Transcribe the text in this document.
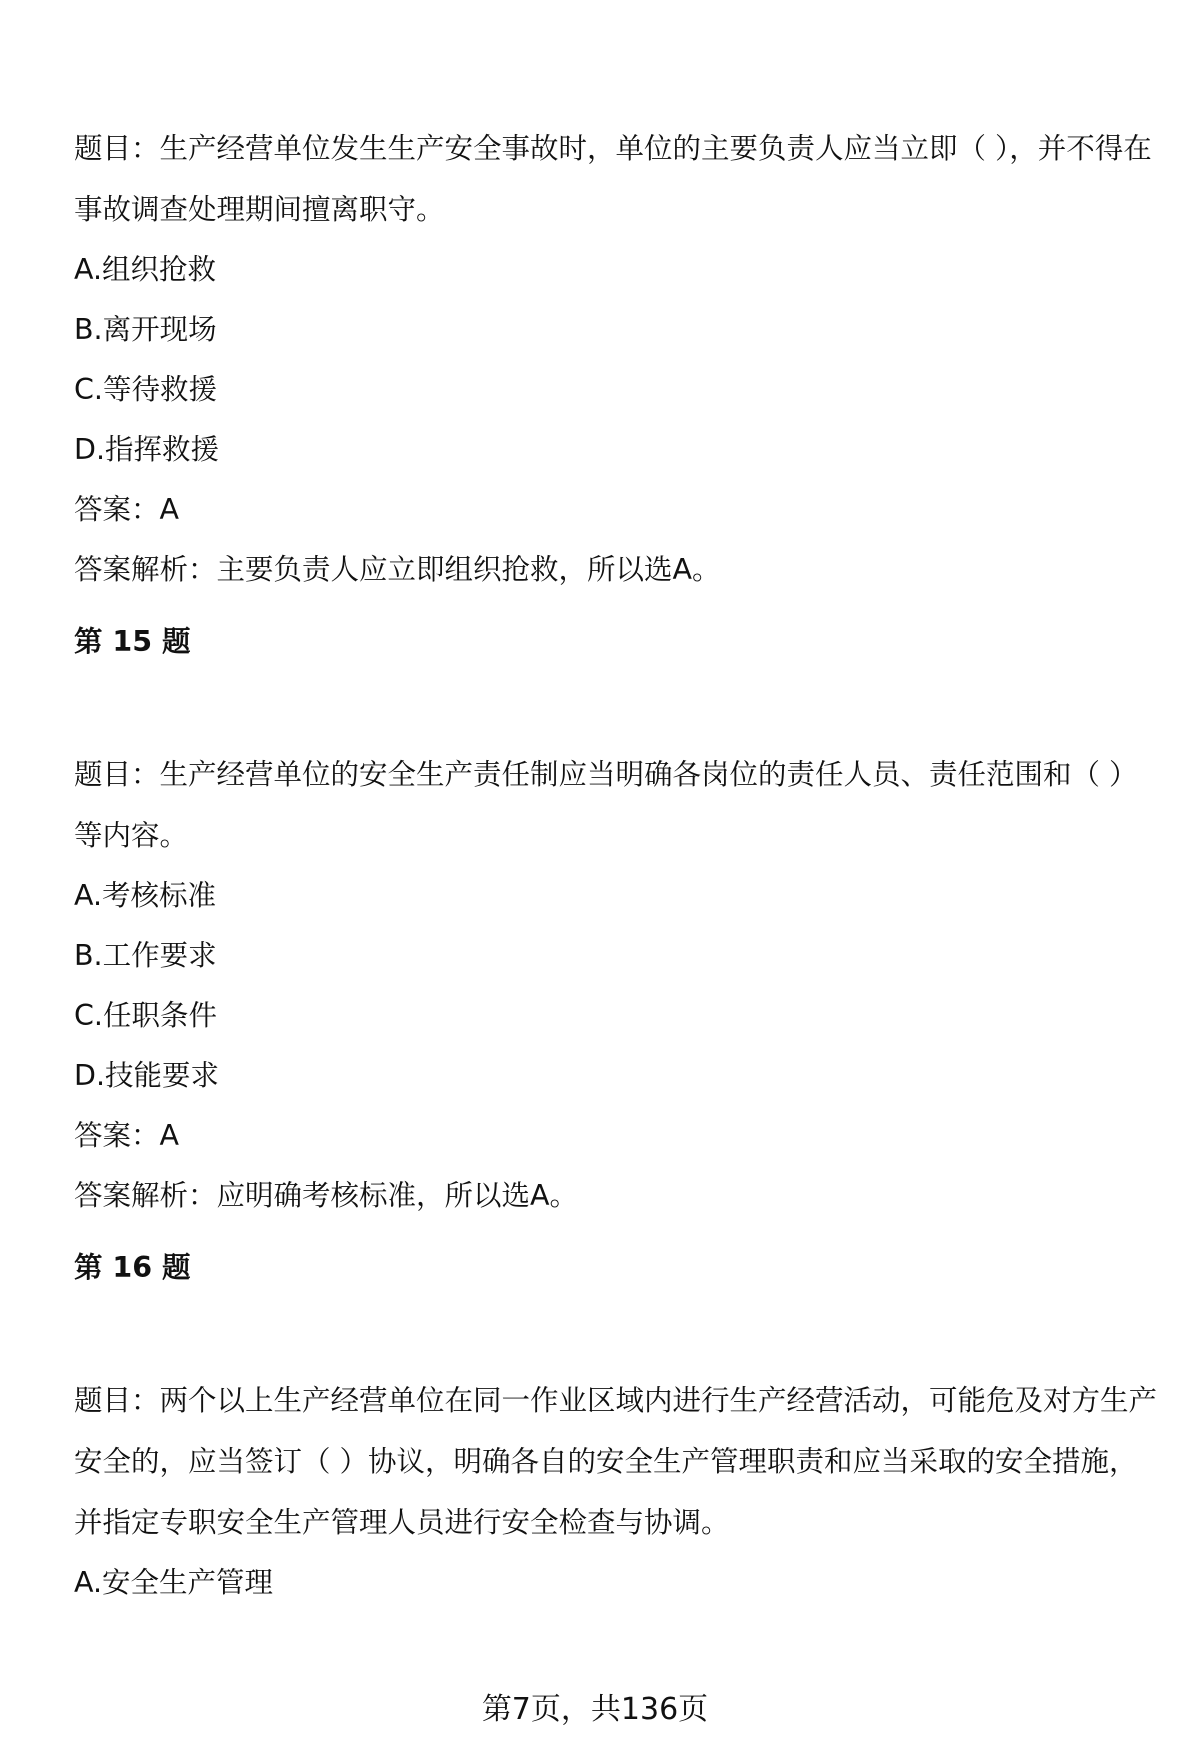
题目：生产经营单位发生生产安全事故时，单位的主要负责人应当立即（ ），并不得在事故调查处理期间擅离职守。
A.组织抢救
B.离开现场
C.等待救援
D.指挥救援
答案：A
答案解析：主要负责人应立即组织抢救，所以选A。
第 15 题
题目：生产经营单位的安全生产责任制应当明确各岗位的责任人员、责任范围和（ ）等内容。
A.考核标准
B.工作要求
C.任职条件
D.技能要求
答案：A
答案解析：应明确考核标准，所以选A。
第 16 题
题目：两个以上生产经营单位在同一作业区域内进行生产经营活动，可能危及对方生产安全的，应当签订（ ）协议，明确各自的安全生产管理职责和应当采取的安全措施，并指定专职安全生产管理人员进行安全检查与协调。
A.安全生产管理
第7页，共136页
